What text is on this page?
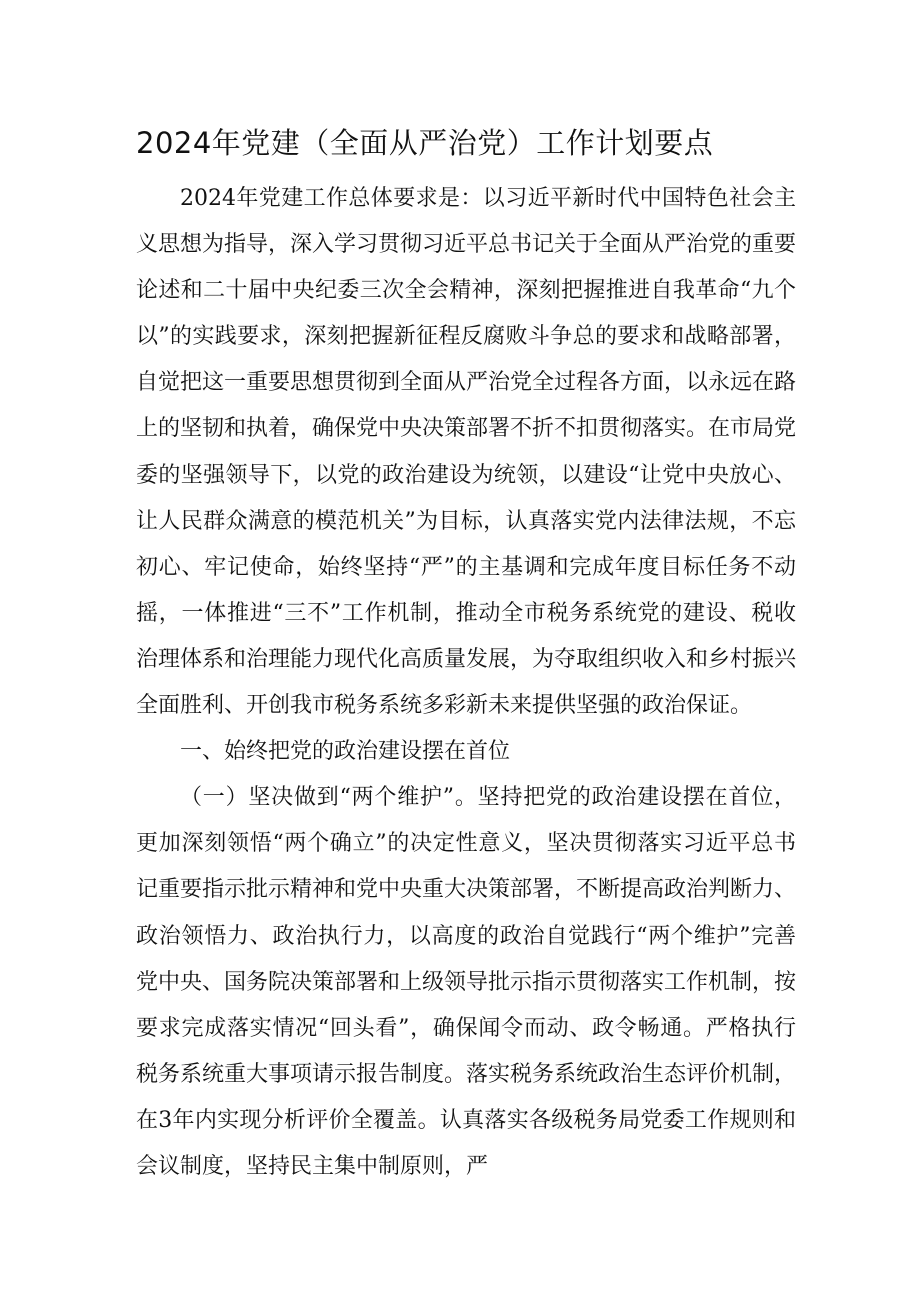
2024年党建（全面从严治党）工作计划要点

2024年党建工作总体要求是：以习近平新时代中国特色社会主义思想为指导，深入学习贯彻习近平总书记关于全面从严治党的重要论述和二十届中央纪委三次全会精神，深刻把握推进自我革命“九个以”的实践要求，深刻把握新征程反腐败斗争总的要求和战略部署，自觉把这一重要思想贯彻到全面从严治党全过程各方面，以永远在路上的坚韧和执着，确保党中央决策部署不折不扣贯彻落实。在市局党委的坚强领导下，以党的政治建设为统领，以建设“让党中央放心、让人民群众满意的模范机关”为目标，认真落实党内法律法规，不忘初心、牢记使命，始终坚持“严”的主基调和完成年度目标任务不动摇，一体推进“三不”工作机制，推动全市税务系统党的建设、税收治理体系和治理能力现代化高质量发展，为夺取组织收入和乡村振兴全面胜利、开创我市税务系统多彩新未来提供坚强的政治保证。

一、始终把党的政治建设摆在首位

（一）坚决做到“两个维护”。坚持把党的政治建设摆在首位，更加深刻领悟“两个确立”的决定性意义，坚决贯彻落实习近平总书记重要指示批示精神和党中央重大决策部署，不断提高政治判断力、政治领悟力、政治执行力，以高度的政治自觉践行“两个维护”完善党中央、国务院决策部署和上级领导批示指示贯彻落实工作机制，按要求完成落实情况“回头看”，确保闻令而动、政令畅通。严格执行税务系统重大事项请示报告制度。落实税务系统政治生态评价机制，在3年内实现分析评价全覆盖。认真落实各级税务局党委工作规则和会议制度，坚持民主集中制原则，严
